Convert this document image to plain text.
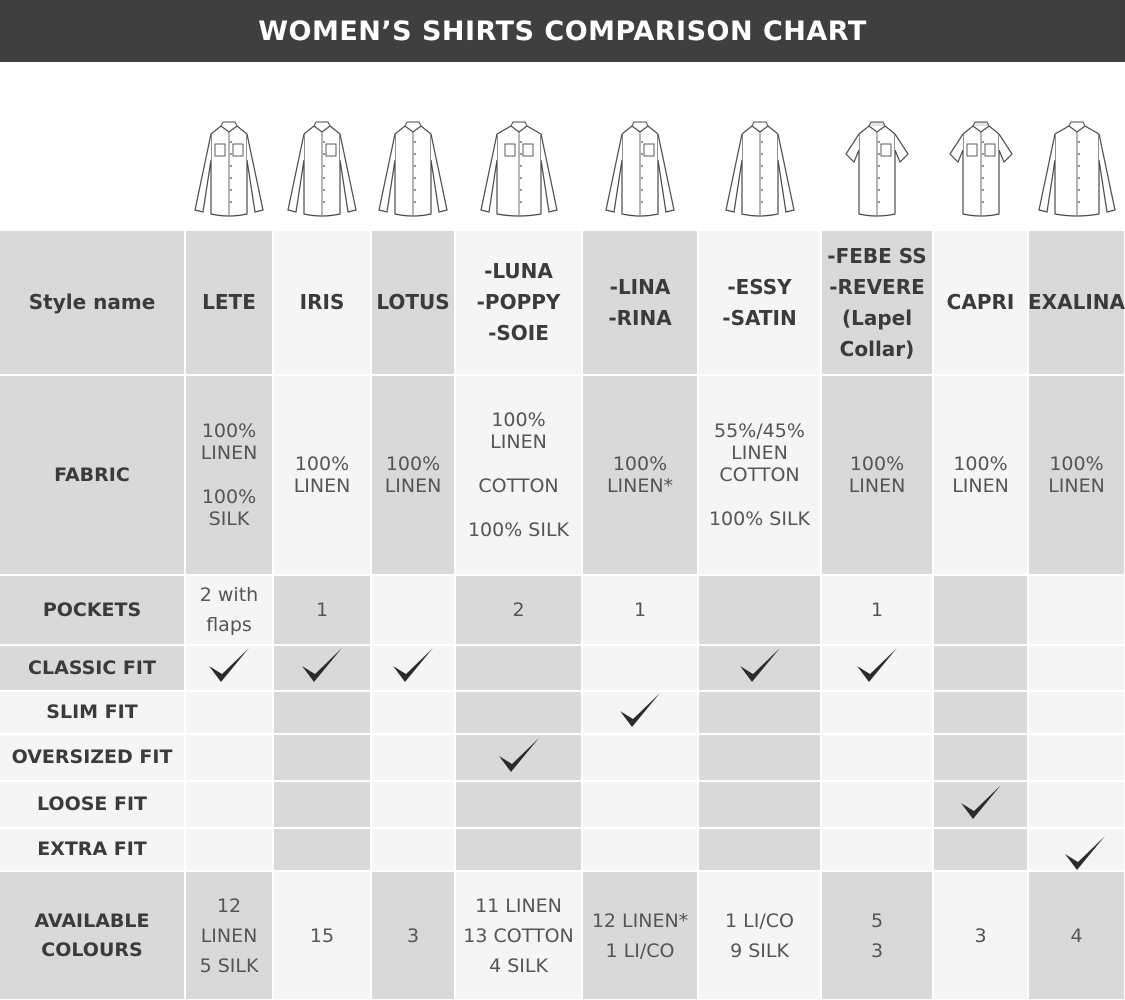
WOMEN’S SHIRTS COMPARISON CHART
Style name
FABRIC
POCKETS
CLASSIC FIT
SLIM FIT
OVERSIZED FIT
LOOSE FIT
EXTRA FIT
AVAILABLE
COLOURS
LETE
100%
LINEN

100%
SILK
2 with
flaps
12
LINEN
5 SILK
IRIS
100%
LINEN
1
15
LOTUS
100%
LINEN
3
-LUNA
-POPPY
-SOIE
100%
LINEN

COTTON

100% SILK
2
11 LINEN
13 COTTON
4 SILK
-LINA
-RINA
100%
LINEN*
1
12 LINEN*
1 LI/CO
-ESSY
-SATIN
55%/45%
LINEN
COTTON

100% SILK
1 LI/CO
9 SILK
-FEBE SS
-REVERE
(Lapel
Collar)
100%
LINEN
1
5
3
CAPRI
100%
LINEN
3
EXALINA
100%
LINEN
4
